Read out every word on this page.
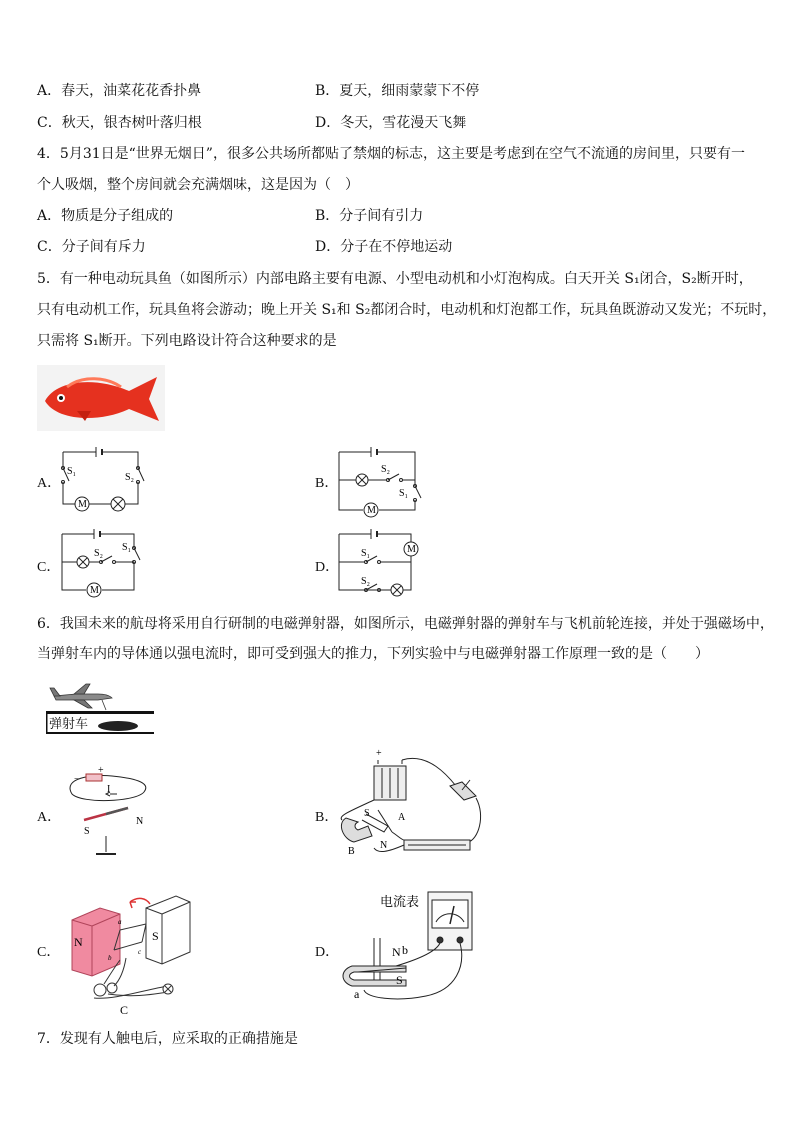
A．春天，油菜花花香扑鼻	B．夏天，细雨蒙蒙下不停
C．秋天，银杏树叶落归根	D．冬天，雪花漫天飞舞
4．5月31日是“世界无烟日”，很多公共场所都贴了禁烟的标志，这主要是考虑到在空气不流通的房间里，只要有一
个人吸烟，整个房间就会充满烟味，这是因为（　）
A．物质是分子组成的	B．分子间有引力
C．分子间有斥力	D．分子在不停地运动
5．有一种电动玩具鱼（如图所示）内部电路主要有电源、小型电动机和小灯泡构成。白天开关 S₁闭合，S₂断开时，
只有电动机工作，玩具鱼将会游动；晚上开关 S₁和 S₂都闭合时，电动机和灯泡都工作，玩具鱼既游动又发光；不玩时，
只需将 S₁断开。下列电路设计符合这种要求的是
A．	B．
C．	D．
S₁
S₂
M
S₂
S₁
M
S₂
S₁
M
S₁
S₂
M
6．我国未来的航母将采用自行研制的电磁弹射器，如图所示，电磁弹射器的弹射车与飞机前轮连接，并处于强磁场中，
当弹射车内的导体通以强电流时，即可受到强大的推力，下列实验中与电磁弹射器工作原理一致的是（　　）
弹射车
A．	B．
C．	D．
−
+
I
S
N
+
S	A
N
B
N	S
C
a
b
c
电流表
N b
S
a
7．发现有人触电后，应采取的正确措施是
